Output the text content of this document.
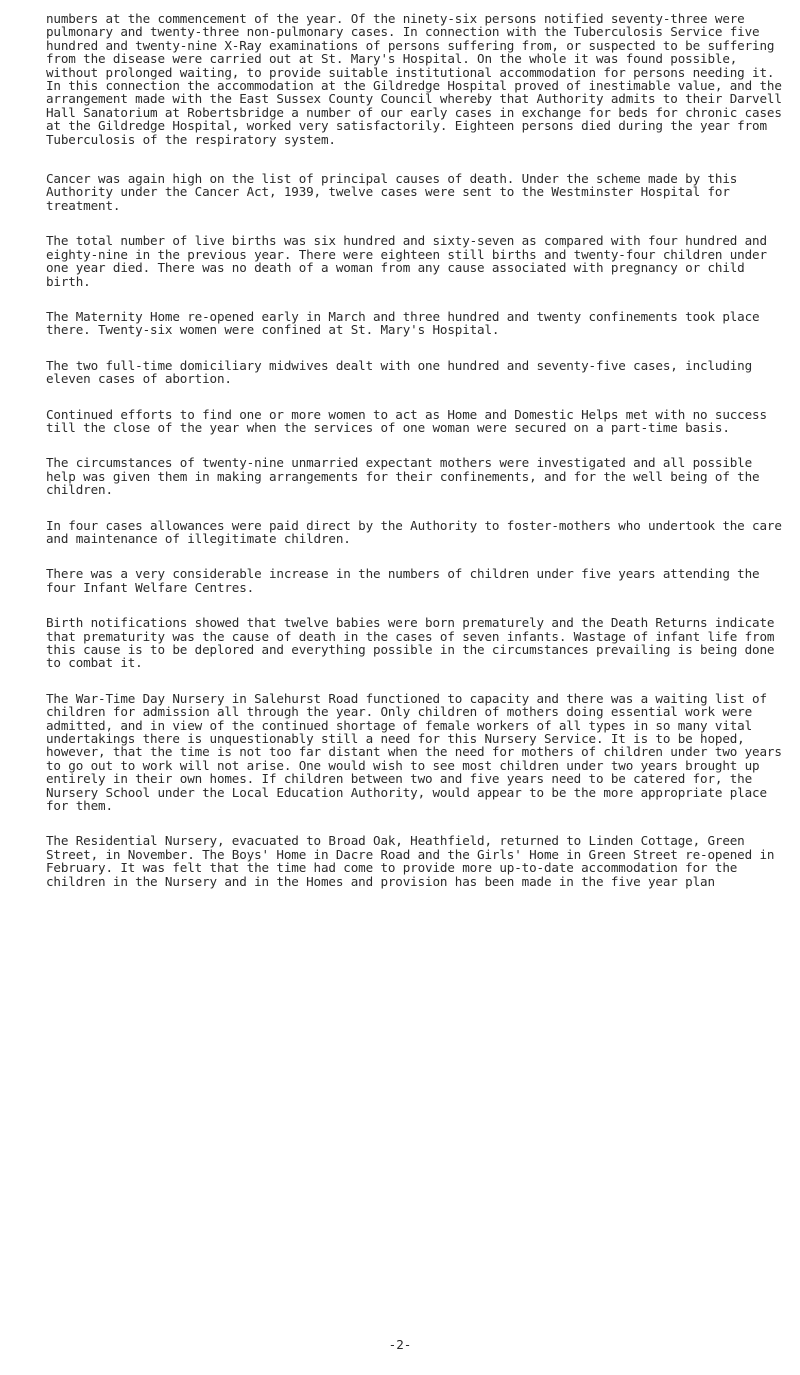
numbers at the commencement of the year. Of the ninety-six persons notified seventy-three were pulmonary and twenty-three non-pulmonary cases. In connection with the Tuberculosis Service five hundred and twenty-nine X-Ray examinations of persons suffering from, or suspected to be suffering from the disease were carried out at St. Mary's Hospital. On the whole it was found possible, without prolonged waiting, to provide suitable institutional accommodation for persons needing it. In this connection the accommodation at the Gildredge Hospital proved of inestimable value, and the arrangement made with the East Sussex County Council whereby that Authority admits to their Darvell Hall Sanatorium at Robertsbridge a number of our early cases in exchange for beds for chronic cases at the Gildredge Hospital, worked very satisfactorily. Eighteen persons died during the year from Tuberculosis of the respiratory system.

Cancer was again high on the list of principal causes of death. Under the scheme made by this Authority under the Cancer Act, 1939, twelve cases were sent to the Westminster Hospital for treatment.

The total number of live births was six hundred and sixty-seven as compared with four hundred and eighty-nine in the previous year. There were eighteen still births and twenty-four children under one year died. There was no death of a woman from any cause associated with pregnancy or child birth.

The Maternity Home re-opened early in March and three hundred and twenty confinements took place there. Twenty-six women were confined at St. Mary's Hospital.

The two full-time domiciliary midwives dealt with one hundred and seventy-five cases, including eleven cases of abortion.

Continued efforts to find one or more women to act as Home and Domestic Helps met with no success till the close of the year when the services of one woman were secured on a part-time basis.

The circumstances of twenty-nine unmarried expectant mothers were investigated and all possible help was given them in making arrangements for their confinements, and for the well being of the children.

In four cases allowances were paid direct by the Authority to foster-mothers who undertook the care and maintenance of illegitimate children.

There was a very considerable increase in the numbers of children under five years attending the four Infant Welfare Centres.

Birth notifications showed that twelve babies were born prematurely and the Death Returns indicate that prematurity was the cause of death in the cases of seven infants. Wastage of infant life from this cause is to be deplored and everything possible in the circumstances prevailing is being done to combat it.

The War-Time Day Nursery in Salehurst Road functioned to capacity and there was a waiting list of children for admission all through the year. Only children of mothers doing essential work were admitted, and in view of the continued shortage of female workers of all types in so many vital undertakings there is unquestionably still a need for this Nursery Service. It is to be hoped, however, that the time is not too far distant when the need for mothers of children under two years to go out to work will not arise. One would wish to see most children under two years brought up entirely in their own homes. If children between two and five years need to be catered for, the Nursery School under the Local Education Authority, would appear to be the more appropriate place for them.

The Residential Nursery, evacuated to Broad Oak, Heathfield, returned to Linden Cottage, Green Street, in November. The Boys' Home in Dacre Road and the Girls' Home in Green Street re-opened in February. It was felt that the time had come to provide more up-to-date accommodation for the children in the Nursery and in the Homes and provision has been made in the five year plan

-2-
